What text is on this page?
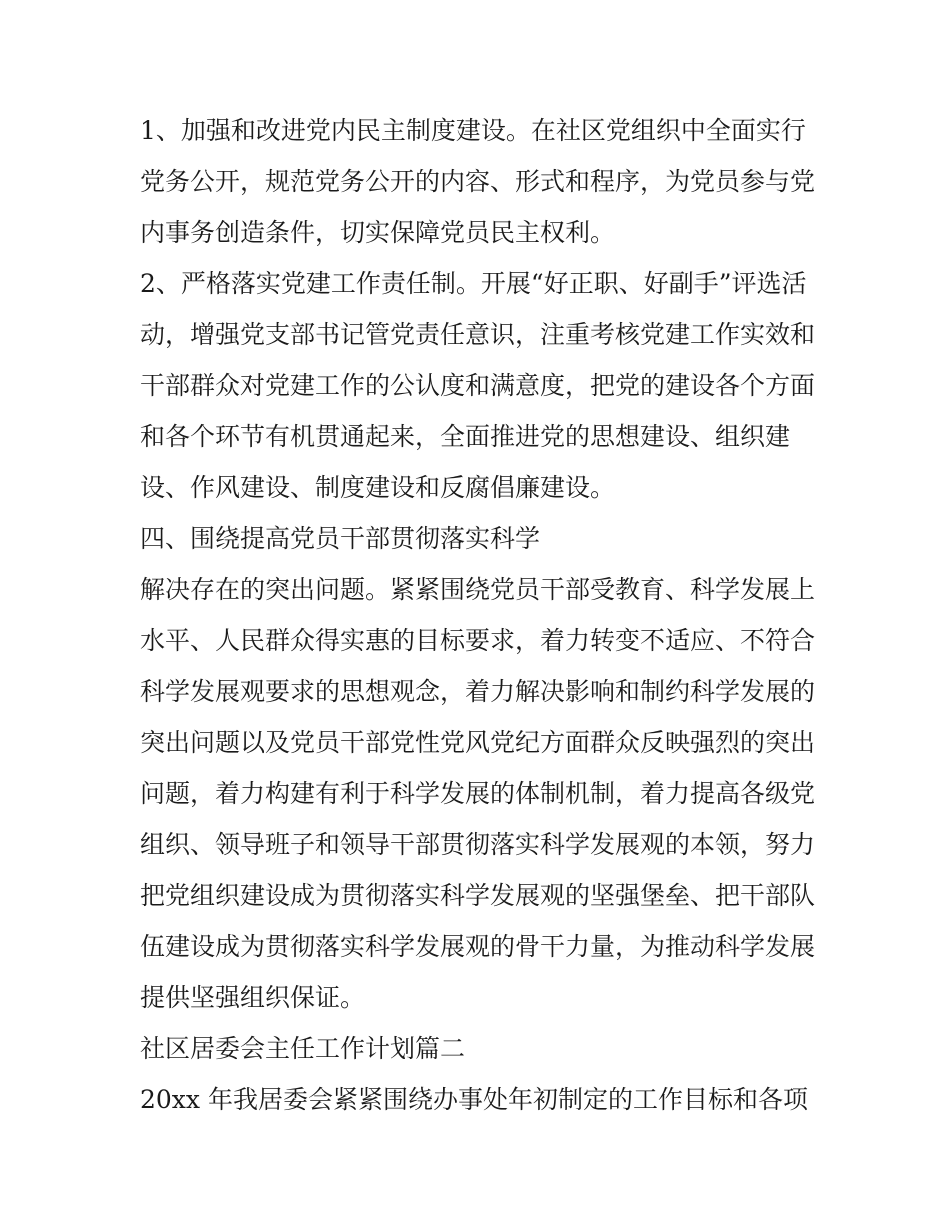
1、加强和改进党内民主制度建设。在社区党组织中全面实行
党务公开，规范党务公开的内容、形式和程序，为党员参与党
内事务创造条件，切实保障党员民主权利。
2、严格落实党建工作责任制。开展“好正职、好副手”评选活
动，增强党支部书记管党责任意识，注重考核党建工作实效和
干部群众对党建工作的公认度和满意度，把党的建设各个方面
和各个环节有机贯通起来，全面推进党的思想建设、组织建
设、作风建设、制度建设和反腐倡廉建设。
四、围绕提高党员干部贯彻落实科学
解决存在的突出问题。紧紧围绕党员干部受教育、科学发展上
水平、人民群众得实惠的目标要求，着力转变不适应、不符合
科学发展观要求的思想观念，着力解决影响和制约科学发展的
突出问题以及党员干部党性党风党纪方面群众反映强烈的突出
问题，着力构建有利于科学发展的体制机制，着力提高各级党
组织、领导班子和领导干部贯彻落实科学发展观的本领，努力
把党组织建设成为贯彻落实科学发展观的坚强堡垒、把干部队
伍建设成为贯彻落实科学发展观的骨干力量，为推动科学发展
提供坚强组织保证。
社区居委会主任工作计划篇二
20xx 年我居委会紧紧围绕办事处年初制定的工作目标和各项
